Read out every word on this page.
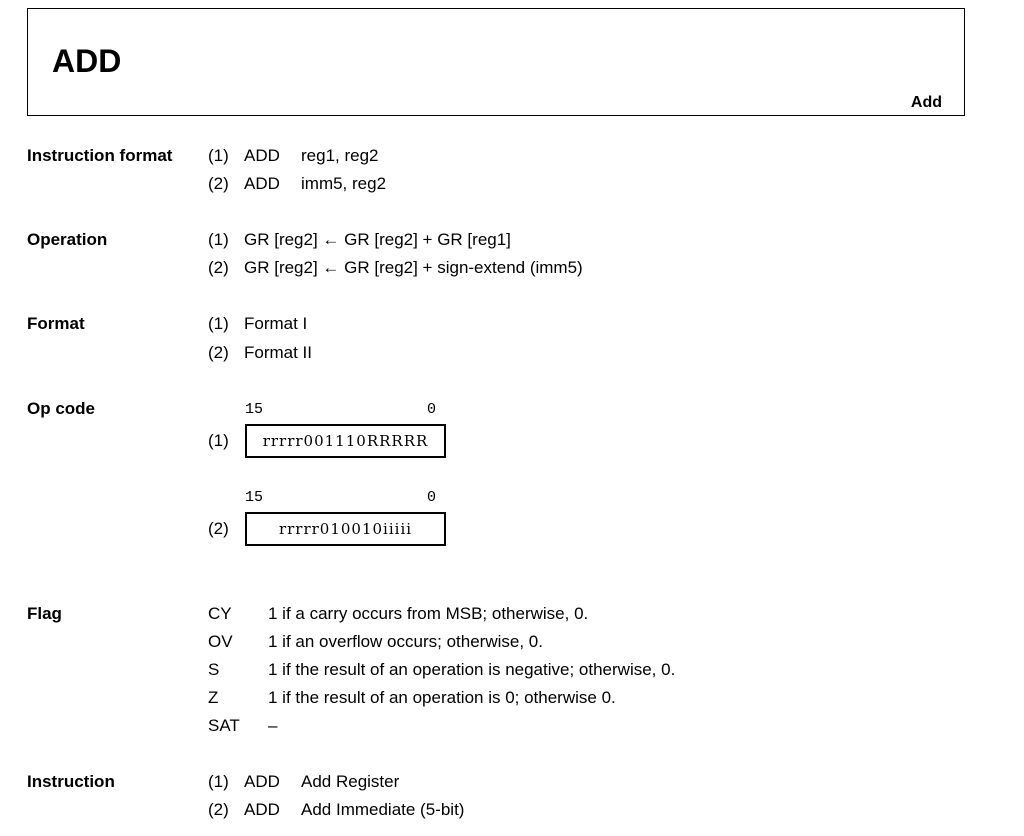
ADD
Add
Instruction format (1) ADD reg1, reg2
(2) ADD imm5, reg2
Operation	(1) GR [reg2] ← GR [reg2] + GR [reg1]
(2) GR [reg2] ← GR [reg2] + sign-extend (imm5)
Format	(1) Format I
(2) Format II
Op code	15	0
(1)	rrrrr001110RRRRR
15	0
(2)	rrrrr010010iiiii
Flag	CY 1 if a carry occurs from MSB; otherwise, 0.
OV 1 if an overflow occurs; otherwise, 0.
S	1 if the result of an operation is negative; otherwise, 0.
Z	1 if the result of an operation is 0; otherwise 0.
SAT –
Instruction	(1) ADD Add Register
(2) ADD Add Immediate (5-bit)
